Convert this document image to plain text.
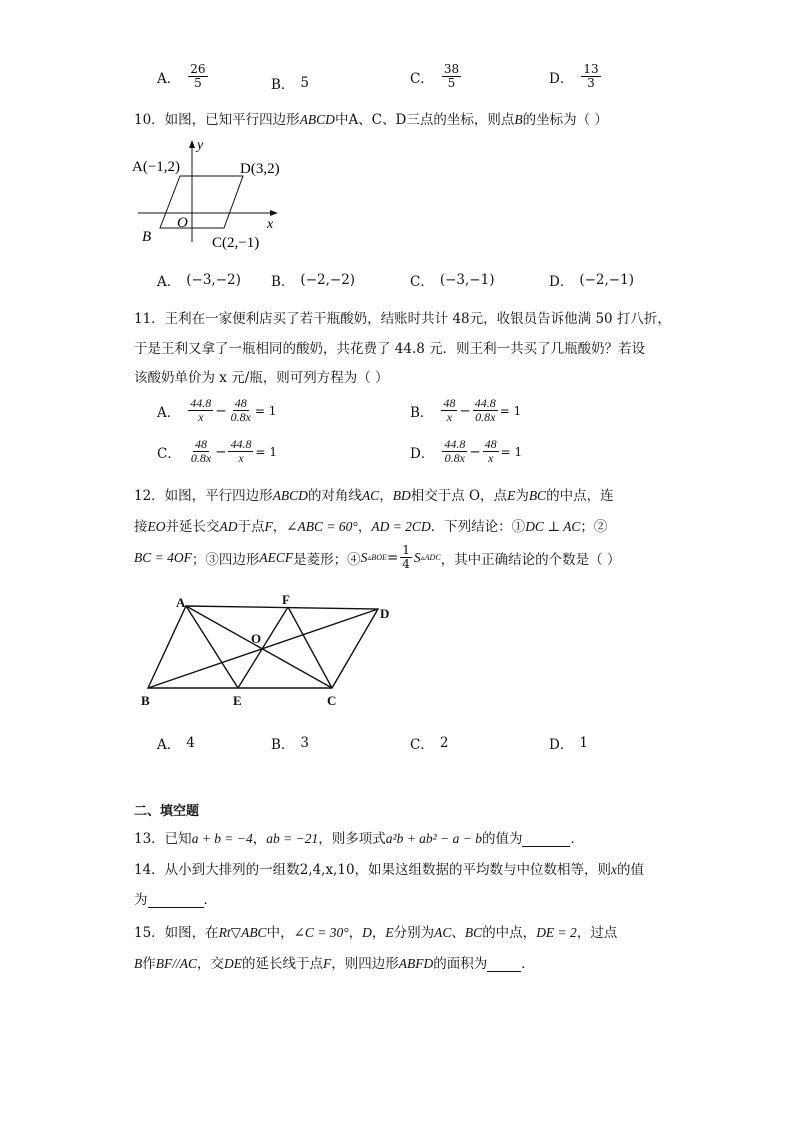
A． $\frac{26}{5}$	B． 5	C． $\frac{38}{5}$	D． $\frac{13}{3}$
10．如图，已知平行四边形ABCD中A、C、D三点的坐标，则点B的坐标为（ ）
A(−1,2)	D(3,2)
y
x
O
B	C(2,−1)
A． (−3,−2) B． (−2,−2)	C． (−3,−1)	D． (−2,−1)
11．王利在一家便利店买了若干瓶酸奶，结账时共计 48元，收银员告诉他满 50 打八折，
于是王利又拿了一瓶相同的酸奶，共花费了 44.8 元．则王利一共买了几瓶酸奶？若设
该酸奶单价为 x 元/瓶，则可列方程为（ ）
A． $\frac{44.8}{x} - \frac{48}{0.8x} = 1$	B． $\frac{48}{x} - \frac{44.8}{0.8x} = 1$
C． $\frac{48}{0.8x} - \frac{44.8}{x} = 1$	D． $\frac{44.8}{0.8x} - \frac{48}{x} = 1$
12．如图，平行四边形ABCD的对角线AC，BD相交于点 O，点E为BC的中点，连
接EO并延长交AD于点F，∠ABC = 60°，AD = 2CD．下列结论：①DC ⊥ AC；②
BC = 4OF ；③四边形 AECF 是菱形；④ S ▵BOE = $\frac{1}{4}$ S ▵ADC ，其中正确结论的个数是（ ）
A	F
D
O
B	E	C
A． 4	B． 3	C． 2	D． 1
二、填空题
13．已知a + b = −4，ab = −21，则多项式a²b + ab² − a − b的值为	．
14．从小到大排列的一组数2,4,x,10，如果这组数据的平均数与中位数相等，则x的值
为	．
15．如图，在Rt▽ABC中，∠C = 30°，D，E分别为AC、BC的中点，DE = 2，过点
B作BF//AC，交DE的延长线于点F，则四边形ABFD的面积为	．
